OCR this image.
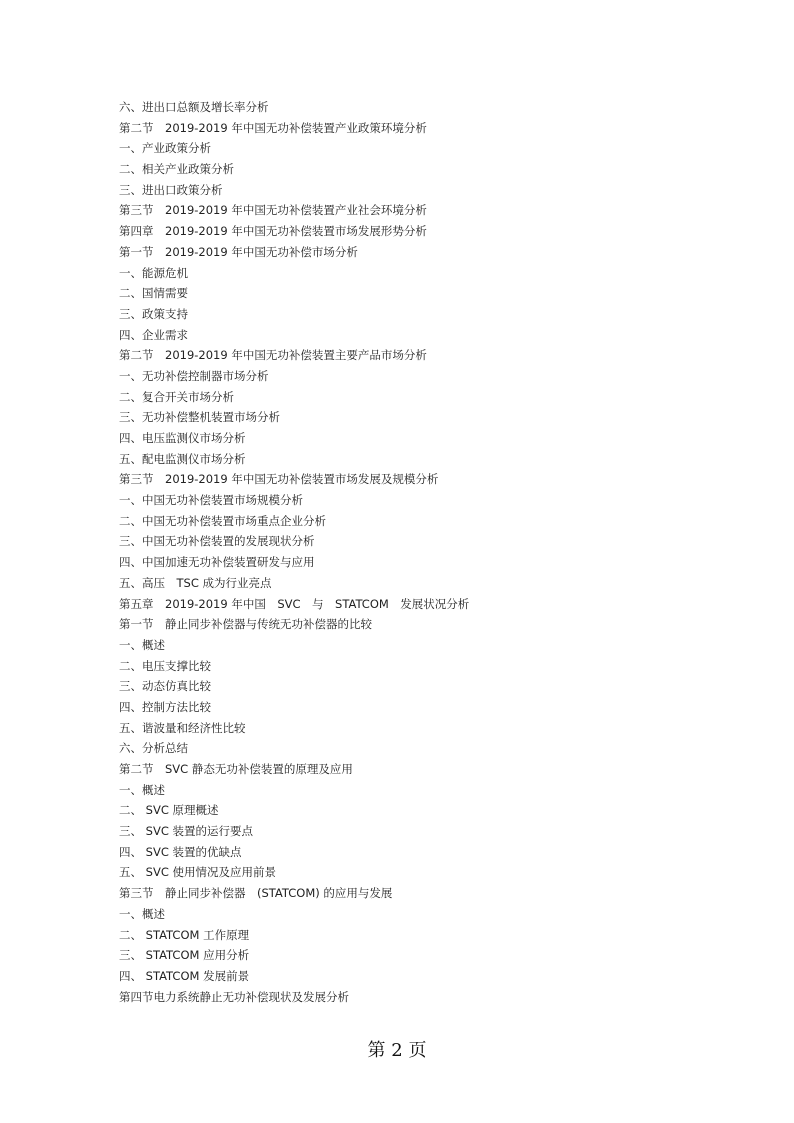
六、进出口总额及增长率分析
第二节　2019-2019 年中国无功补偿装置产业政策环境分析
一、产业政策分析
二、相关产业政策分析
三、进出口政策分析
第三节　2019-2019 年中国无功补偿装置产业社会环境分析
第四章　2019-2019 年中国无功补偿装置市场发展形势分析
第一节　2019-2019 年中国无功补偿市场分析
一、能源危机
二、国情需要
三、政策支持
四、企业需求
第二节　2019-2019 年中国无功补偿装置主要产品市场分析
一、无功补偿控制器市场分析
二、复合开关市场分析
三、无功补偿整机装置市场分析
四、电压监测仪市场分析
五、配电监测仪市场分析
第三节　2019-2019 年中国无功补偿装置市场发展及规模分析
一、中国无功补偿装置市场规模分析
二、中国无功补偿装置市场重点企业分析
三、中国无功补偿装置的发展现状分析
四、中国加速无功补偿装置研发与应用
五、高压　TSC 成为行业亮点
第五章　2019-2019 年中国　SVC　与　STATCOM　发展状况分析
第一节　静止同步补偿器与传统无功补偿器的比较
一、概述
二、电压支撑比较
三、动态仿真比较
四、控制方法比较
五、谐波量和经济性比较
六、分析总结
第二节　SVC 静态无功补偿装置的原理及应用
一、概述
二、 SVC 原理概述
三、 SVC 装置的运行要点
四、 SVC 装置的优缺点
五、 SVC 使用情况及应用前景
第三节　静止同步补偿器　(STATCOM) 的应用与发展
一、概述
二、 STATCOM 工作原理
三、 STATCOM 应用分析
四、 STATCOM 发展前景
第四节电力系统静止无功补偿现状及发展分析
第 2 页
